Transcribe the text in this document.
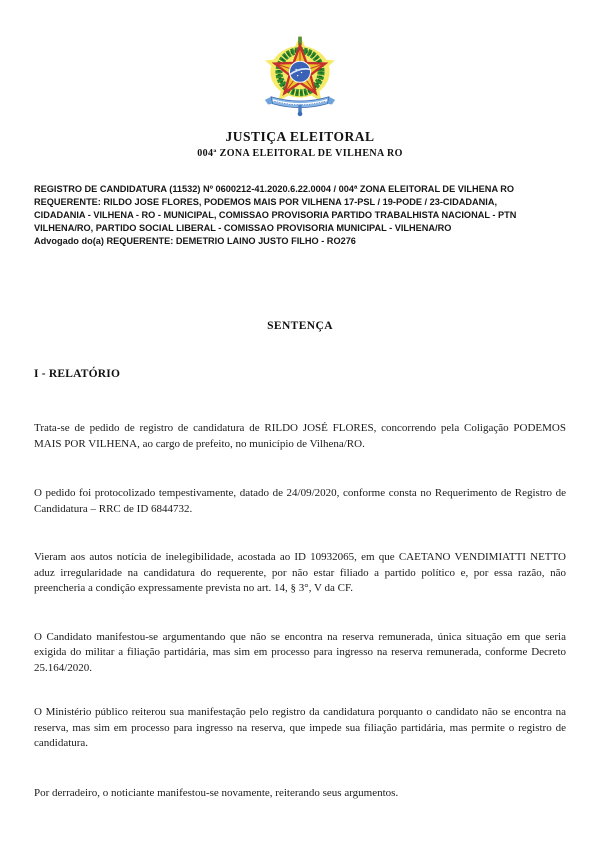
JUSTIÇA ELEITORAL
004ª ZONA ELEITORAL DE VILHENA RO
REGISTRO DE CANDIDATURA (11532) Nº 0600212-41.2020.6.22.0004 / 004ª ZONA ELEITORAL DE VILHENA RO
REQUERENTE: RILDO JOSE FLORES, PODEMOS MAIS POR VILHENA 17-PSL / 19-PODE / 23-CIDADANIA,
CIDADANIA - VILHENA - RO - MUNICIPAL, COMISSAO PROVISORIA PARTIDO TRABALHISTA NACIONAL - PTN
VILHENA/RO, PARTIDO SOCIAL LIBERAL - COMISSAO PROVISORIA MUNICIPAL - VILHENA/RO
Advogado do(a) REQUERENTE: DEMETRIO LAINO JUSTO FILHO - RO276
SENTENÇA
I - RELATÓRIO

Trata-se de pedido de registro de candidatura de RILDO JOSÉ FLORES, concorrendo pela Coligação PODEMOS MAIS POR VILHENA, ao cargo de prefeito, no município de Vilhena/RO.

O pedido foi protocolizado tempestivamente, datado de 24/09/2020, conforme consta no Requerimento de Registro de Candidatura – RRC de ID 6844732.

Vieram aos autos notícia de inelegibilidade, acostada ao ID 10932065, em que CAETANO VENDIMIATTI NETTO aduz irregularidade na candidatura do requerente, por não estar filiado a partido político e, por essa razão, não preencheria a condição expressamente prevista no art. 14, § 3°, V da CF.

O Candidato manifestou-se argumentando que não se encontra na reserva remunerada, única situação em que seria exigida do militar a filiação partidária, mas sim em processo para ingresso na reserva remunerada, conforme Decreto 25.164/2020.

O Ministério público reiterou sua manifestação pelo registro da candidatura porquanto o candidato não se encontra na reserva, mas sim em processo para ingresso na reserva, que impede sua filiação partidária, mas permite o registro de candidatura.

Por derradeiro, o noticiante manifestou-se novamente, reiterando seus argumentos.
